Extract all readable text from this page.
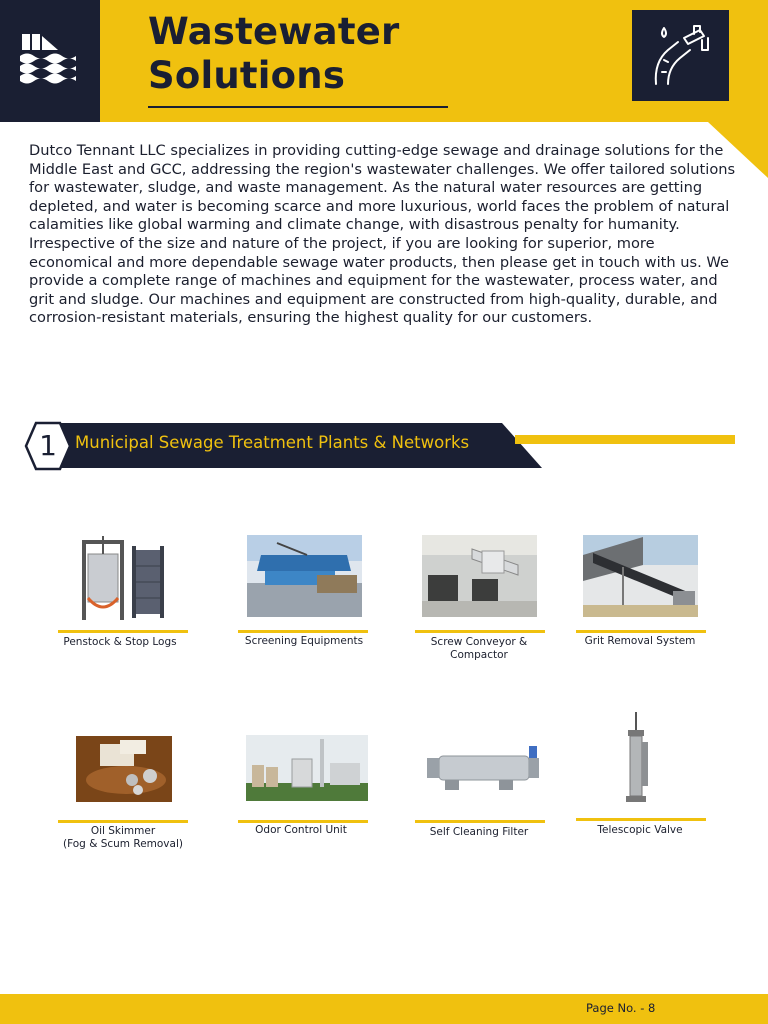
Wastewater
Solutions

Dutco Tennant LLC specializes in providing cutting-edge sewage and drainage solutions for the Middle East and GCC, addressing the region's wastewater challenges. We offer tailored solutions for wastewater, sludge, and waste management. As the natural water resources are getting depleted, and water is becoming scarce and more luxurious, world faces the problem of natural calamities like global warming and climate change, with disastrous penalty for humanity. Irrespective of the size and nature of the project, if you are looking for superior, more economical and more dependable sewage water products, then please get in touch with us. We provide a complete range of machines and equipment for the wastewater, process water, and grit and sludge. Our machines and equipment are constructed from high-quality, durable, and corrosion-resistant materials, ensuring the highest quality for our customers.

1	Municipal Sewage Treatment Plants & Networks
Penstock & Stop Logs	Screening Equipments	Screw Conveyor &
Compactor
Grit Removal System
Oil Skimmer
(Fog & Scum Removal)
Odor Control Unit	Self Cleaning Filter	Telescopic Valve
Page No. - 8
